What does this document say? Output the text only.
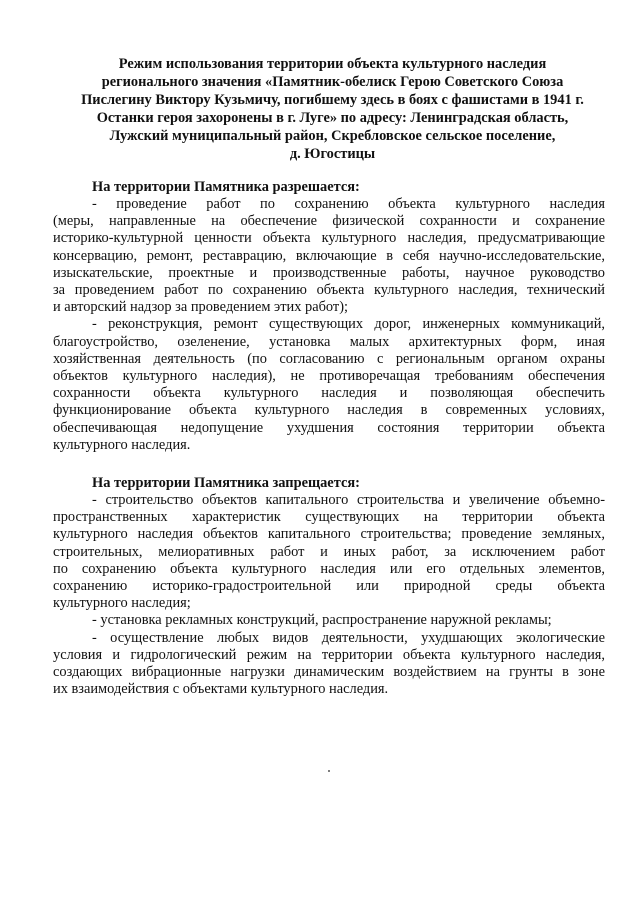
Режим использования территории объекта культурного наследия
регионального значения «Памятник-обелиск Герою Советского Союза
Пислегину Виктору Кузьмичу, погибшему здесь в боях с фашистами в 1941 г.
Останки героя захоронены в г. Луге» по адресу: Ленинградская область,
Лужский муниципальный район, Скребловское сельское поселение,
д. Югостицы

На территории Памятника разрешается:

- проведение работ по сохранению объекта культурного наследия
(меры, направленные на обеспечение физической сохранности и сохранение
историко-культурной ценности объекта культурного наследия, предусматривающие
консервацию, ремонт, реставрацию, включающие в себя научно-исследовательские,
изыскательские, проектные и производственные работы, научное руководство
за проведением работ по сохранению объекта культурного наследия, технический
и авторский надзор за проведением этих работ);

- реконструкция, ремонт существующих дорог, инженерных коммуникаций,
благоустройство, озеленение, установка малых архитектурных форм, иная
хозяйственная деятельность (по согласованию с региональным органом охраны
объектов культурного наследия), не противоречащая требованиям обеспечения
сохранности объекта культурного наследия и позволяющая обеспечить
функционирование объекта культурного наследия в современных условиях,
обеспечивающая недопущение ухудшения состояния территории объекта
культурного наследия.

На территории Памятника запрещается:

- строительство объектов капитального строительства и увеличение объемно-
пространственных характеристик существующих на территории объекта
культурного наследия объектов капитального строительства; проведение земляных,
строительных, мелиоративных работ и иных работ, за исключением работ
по сохранению объекта культурного наследия или его отдельных элементов,
сохранению историко-градостроительной или природной среды объекта
культурного наследия;

- установка рекламных конструкций, распространение наружной рекламы;

- осуществление любых видов деятельности, ухудшающих экологические
условия и гидрологический режим на территории объекта культурного наследия,
создающих вибрационные нагрузки динамическим воздействием на грунты в зоне
их взаимодействия с объектами культурного наследия.
